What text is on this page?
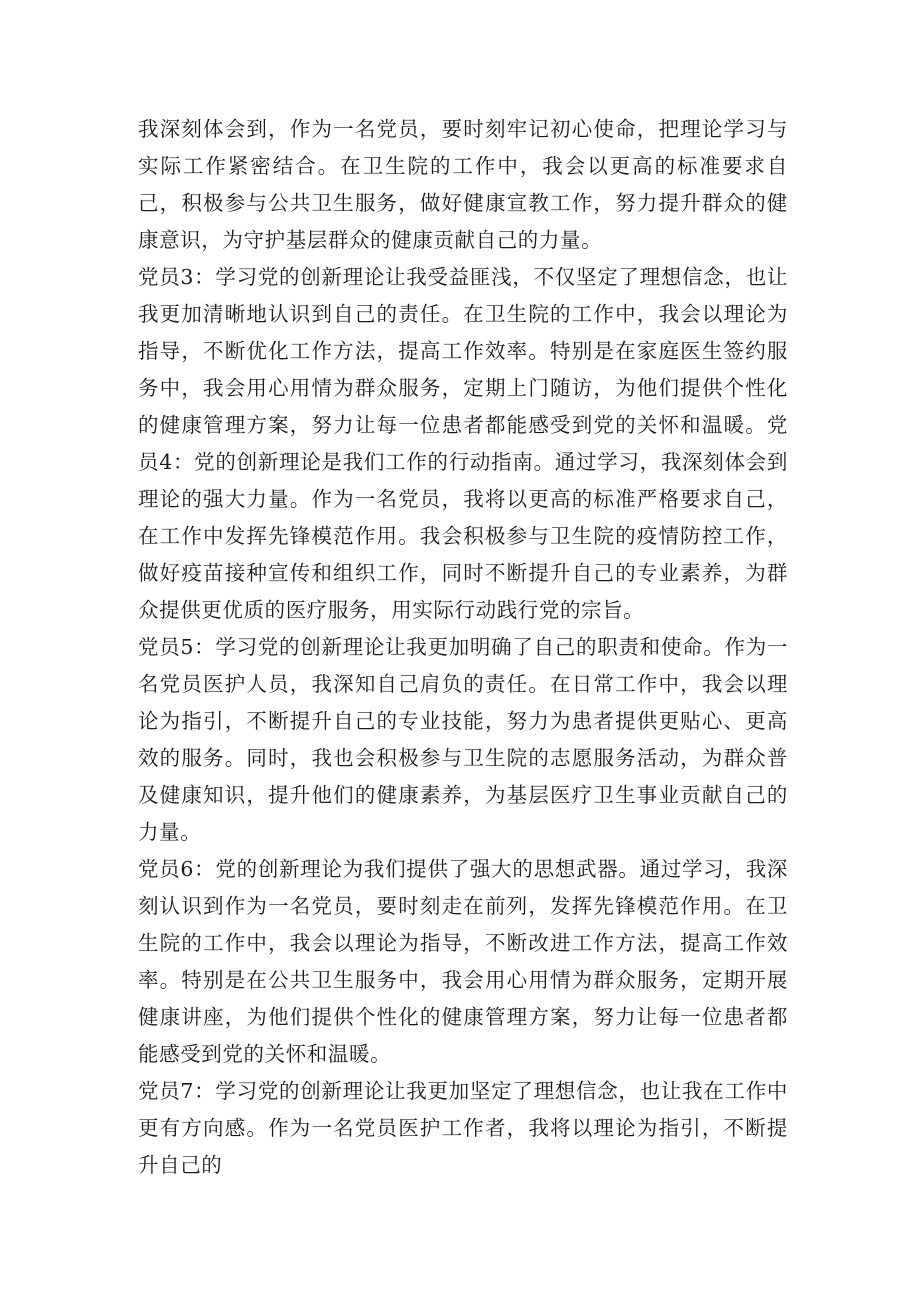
我深刻体会到，作为一名党员，要时刻牢记初心使命，把理论学习与实际工作紧密结合。在卫生院的工作中，我会以更高的标准要求自己，积极参与公共卫生服务，做好健康宣教工作，努力提升群众的健康意识，为守护基层群众的健康贡献自己的力量。

党员3：学习党的创新理论让我受益匪浅，不仅坚定了理想信念，也让我更加清晰地认识到自己的责任。在卫生院的工作中，我会以理论为指导，不断优化工作方法，提高工作效率。特别是在家庭医生签约服务中，我会用心用情为群众服务，定期上门随访，为他们提供个性化的健康管理方案，努力让每一位患者都能感受到党的关怀和温暖。党员4：党的创新理论是我们工作的行动指南。通过学习，我深刻体会到理论的强大力量。作为一名党员，我将以更高的标准严格要求自己，在工作中发挥先锋模范作用。我会积极参与卫生院的疫情防控工作，做好疫苗接种宣传和组织工作，同时不断提升自己的专业素养，为群众提供更优质的医疗服务，用实际行动践行党的宗旨。

党员5：学习党的创新理论让我更加明确了自己的职责和使命。作为一名党员医护人员，我深知自己肩负的责任。在日常工作中，我会以理论为指引，不断提升自己的专业技能，努力为患者提供更贴心、更高效的服务。同时，我也会积极参与卫生院的志愿服务活动，为群众普及健康知识，提升他们的健康素养，为基层医疗卫生事业贡献自己的力量。

党员6：党的创新理论为我们提供了强大的思想武器。通过学习，我深刻认识到作为一名党员，要时刻走在前列，发挥先锋模范作用。在卫生院的工作中，我会以理论为指导，不断改进工作方法，提高工作效率。特别是在公共卫生服务中，我会用心用情为群众服务，定期开展健康讲座，为他们提供个性化的健康管理方案，努力让每一位患者都能感受到党的关怀和温暖。

党员7：学习党的创新理论让我更加坚定了理想信念，也让我在工作中更有方向感。作为一名党员医护工作者，我将以理论为指引，不断提升自己的
